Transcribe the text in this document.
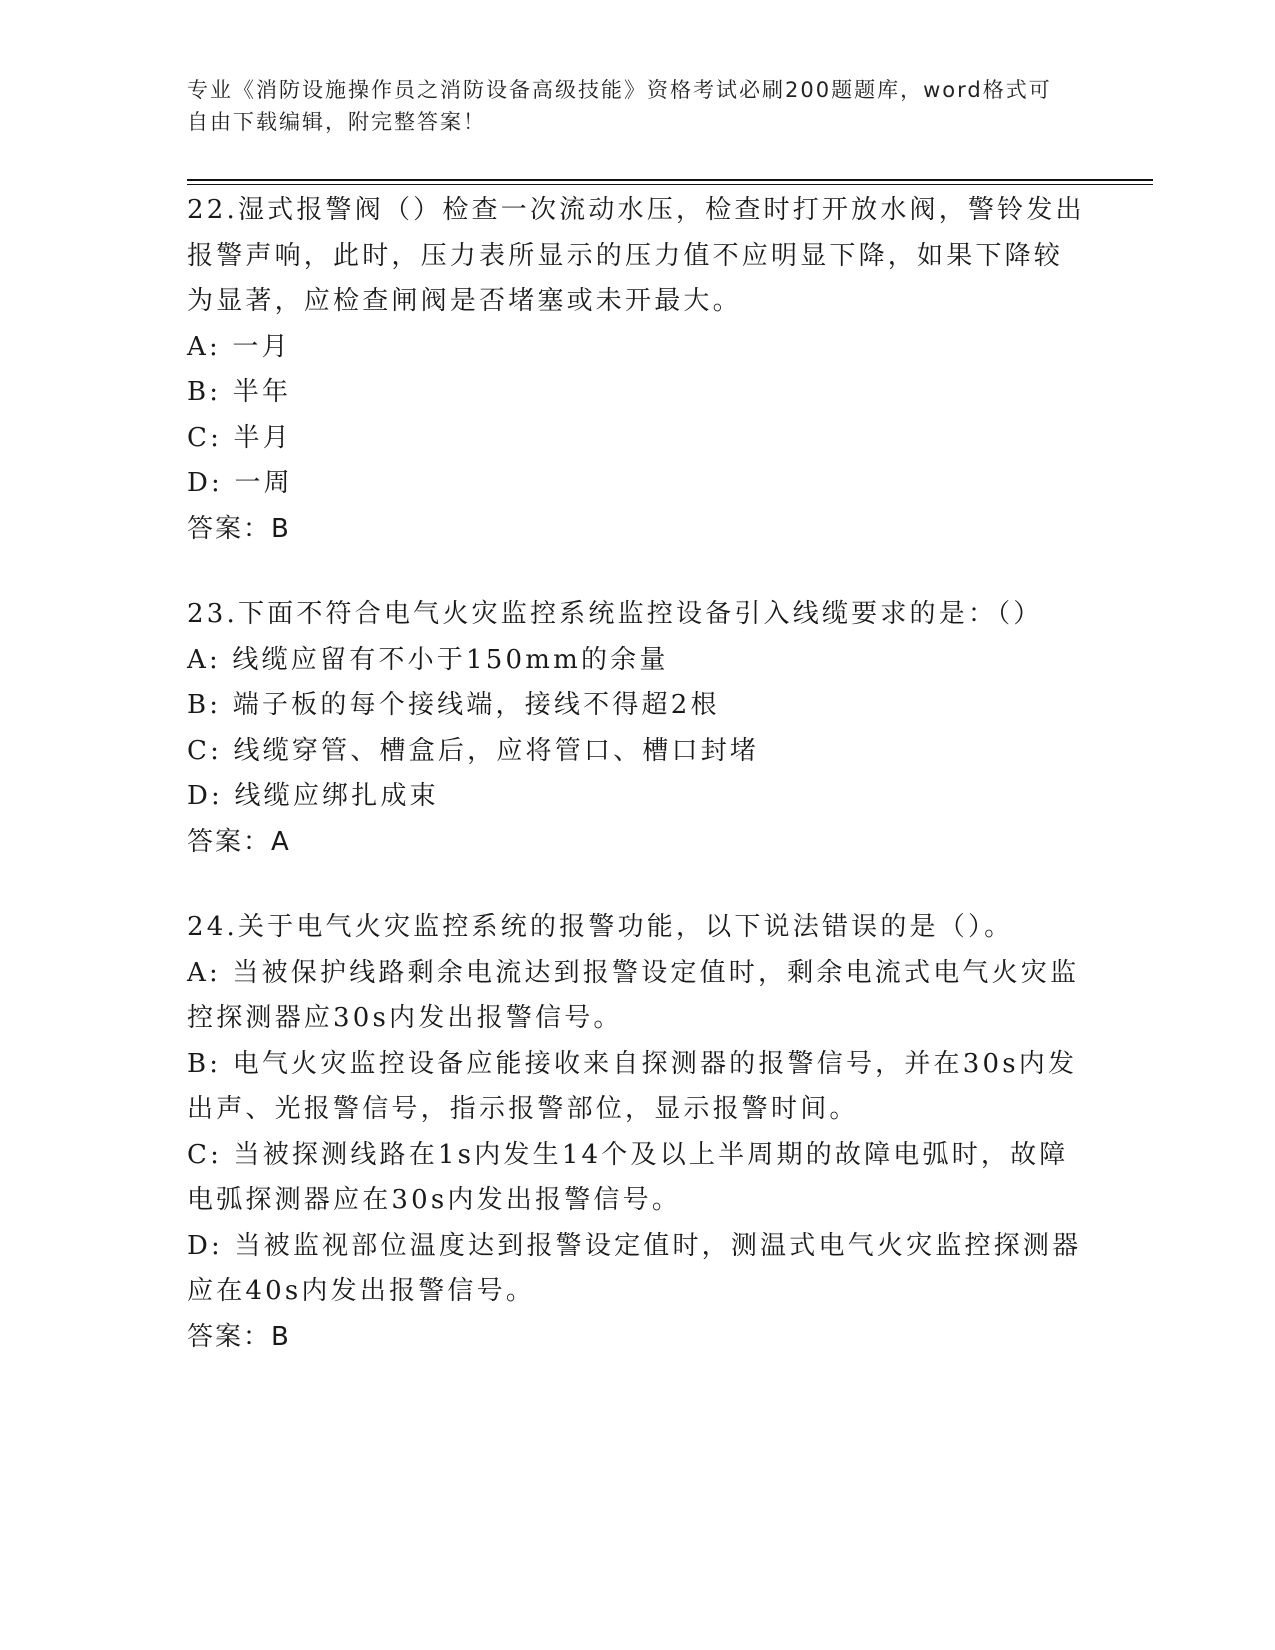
专业《消防设施操作员之消防设备高级技能》资格考试必刷200题题库，word格式可自由下载编辑，附完整答案！
22.湿式报警阀（）检查一次流动水压，检查时打开放水阀，警铃发出报警声响，此时，压力表所显示的压力值不应明显下降，如果下降较为显著，应检查闸阀是否堵塞或未开最大。
A: 一月
B: 半年
C: 半月
D: 一周
答案：B
23.下面不符合电气火灾监控系统监控设备引入线缆要求的是：（）
A: 线缆应留有不小于150mm的余量
B: 端子板的每个接线端，接线不得超2根
C: 线缆穿管、槽盒后，应将管口、槽口封堵
D: 线缆应绑扎成束
答案：A
24.关于电气火灾监控系统的报警功能，以下说法错误的是（）。
A: 当被保护线路剩余电流达到报警设定值时，剩余电流式电气火灾监控探测器应30s内发出报警信号。
B: 电气火灾监控设备应能接收来自探测器的报警信号，并在30s内发出声、光报警信号，指示报警部位，显示报警时间。
C: 当被探测线路在1s内发生14个及以上半周期的故障电弧时，故障电弧探测器应在30s内发出报警信号。
D: 当被监视部位温度达到报警设定值时，测温式电气火灾监控探测器应在40s内发出报警信号。
答案：B
